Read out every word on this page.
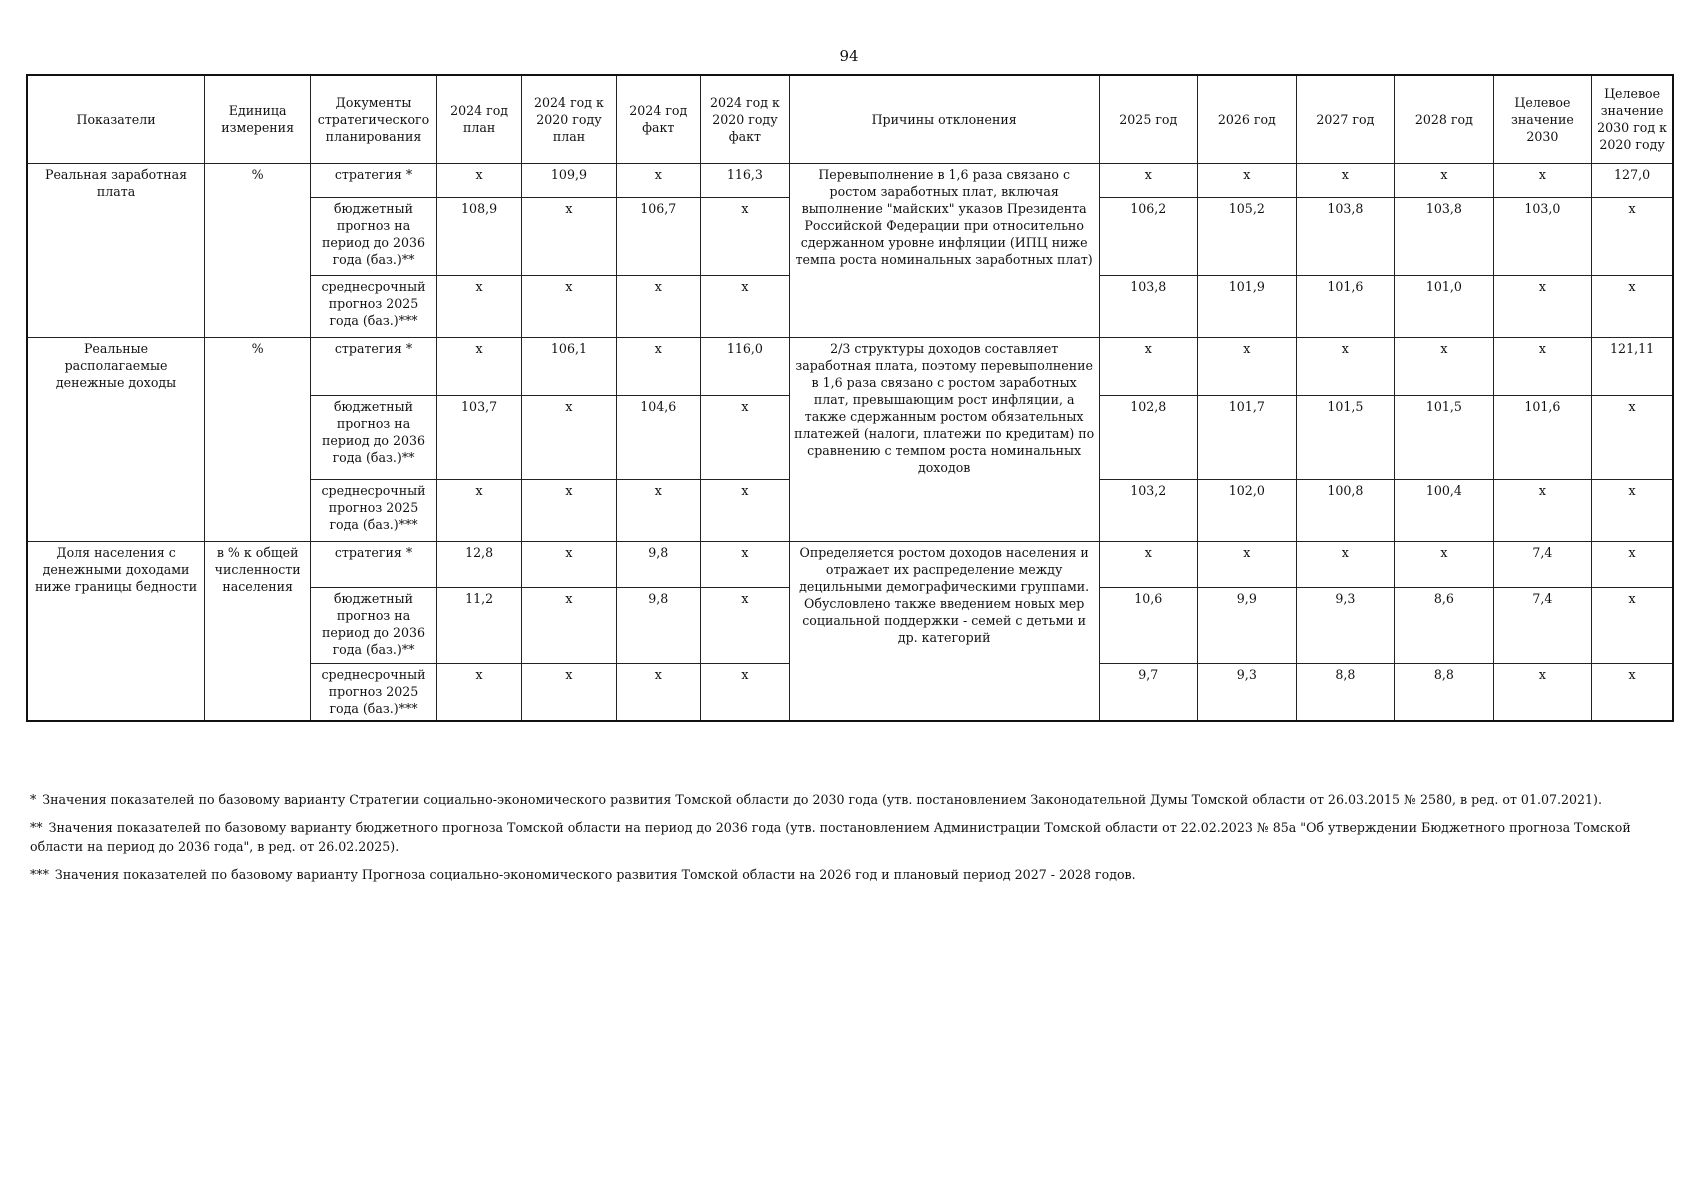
94
Показатели	Единица измерения	Документы стратегического планирования	2024 год план	2024 год к 2020 году план	2024 год факт	2024 год к 2020 году факт	Причины отклонения	2025 год	2026 год	2027 год	2028 год	Целевое значение 2030	Целевое значение 2030 год к 2020 году
Реальная заработная плата	%	стратегия *	x	109,9	x	116,3	Перевыполнение в 1,6 раза связано с ростом заработных плат, включая выполнение "майских" указов Президента Российской Федерации при относительно сдержанном уровне инфляции (ИПЦ ниже темпа роста номинальных заработных плат)	x	x	x	x	x	127,0
		бюджетный прогноз на период до 2036 года (баз.)**	108,9	x	106,7	x		106,2	105,2	103,8	103,8	103,0	x
		среднесрочный прогноз 2025 года (баз.)***	x	x	x	x		103,8	101,9	101,6	101,0	x	x
Реальные располагаемые денежные доходы	%	стратегия *	x	106,1	x	116,0	2/3 структуры доходов составляет заработная плата, поэтому перевыполнение в 1,6 раза связано с ростом заработных плат, превышающим рост инфляции, а также сдержанным ростом обязательных платежей (налоги, платежи по кредитам) по сравнению с темпом роста номинальных доходов	x	x	x	x	x	121,11
		бюджетный прогноз на период до 2036 года (баз.)**	103,7	x	104,6	x		102,8	101,7	101,5	101,5	101,6	x
		среднесрочный прогноз 2025 года (баз.)***	x	x	x	x		103,2	102,0	100,8	100,4	x	x
Доля населения с денежными доходами ниже границы бедности	в % к общей численности населения	стратегия *	12,8	x	9,8	x	Определяется ростом доходов населения и отражает их распределение между децильными демографическими группами. Обусловлено также введением новых мер социальной поддержки - семей с детьми и др. категорий	x	x	x	x	7,4	x
		бюджетный прогноз на период до 2036 года (баз.)**	11,2	x	9,8	x		10,6	9,9	9,3	8,6	7,4	x
		среднесрочный прогноз 2025 года (баз.)***	x	x	x	x		9,7	9,3	8,8	8,8	x	x

* Значения показателей по базовому варианту Стратегии социально-экономического развития Томской области до 2030 года (утв. постановлением Законодательной Думы Томской области от 26.03.2015 № 2580, в ред. от 01.07.2021).

** Значения показателей по базовому варианту бюджетного прогноза Томской области на период до 2036 года (утв. постановлением Администрации Томской области от 22.02.2023 № 85а "Об утверждении Бюджетного прогноза Томской области на период до 2036 года", в ред. от 26.02.2025).

*** Значения показателей по базовому варианту Прогноза социально-экономического развития Томской области на 2026 год и плановый период 2027 - 2028 годов.
